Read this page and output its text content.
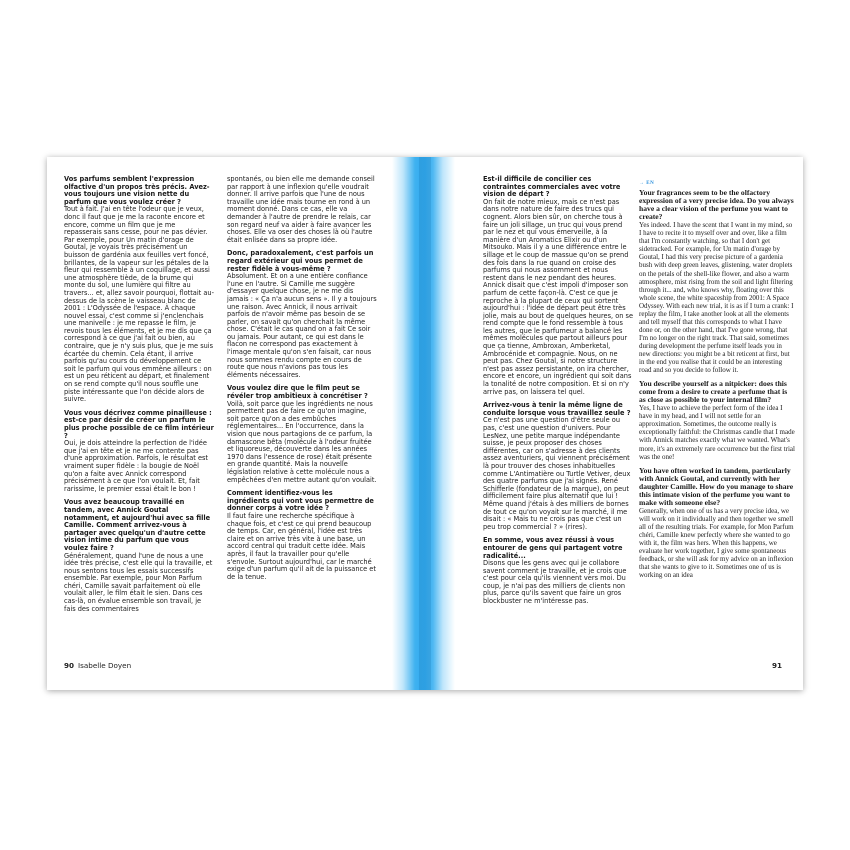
Vos parfums semblent l'expression olfactive d'un propos très précis. Avez-vous toujours une vision nette du parfum que vous voulez créer ?
Tout à fait. J'ai en tête l'odeur que je veux, donc il faut que je me la raconte encore et encore, comme un film que je me repasserais sans cesse, pour ne pas dévier. Par exemple, pour Un matin d'orage de Goutal, je voyais très précisément un buisson de gardénia aux feuilles vert foncé, brillantes, de la vapeur sur les pétales de la fleur qui ressemble à un coquillage, et aussi une atmosphère tiède, de la brume qui monte du sol, une lumière qui filtre au travers... et, allez savoir pourquoi, flottait au-dessus de la scène le vaisseau blanc de 2001 : L'Odyssée de l'espace. À chaque nouvel essai, c'est comme si j'enclenchais une manivelle : je me repasse le film, je revois tous les éléments, et je me dis que ça correspond à ce que j'ai fait ou bien, au contraire, que je n'y suis plus, que je me suis écartée du chemin. Cela étant, il arrive parfois qu'au cours du développement ce soit le parfum qui vous emmène ailleurs : on est un peu réticent au départ, et finalement on se rend compte qu'il nous souffle une piste intéressante que l'on décide alors de suivre.

Vous vous décrivez comme pinailleuse : est-ce par désir de créer un parfum le plus proche possible de ce film intérieur ?
Oui, je dois atteindre la perfection de l'idée que j'ai en tête et je ne me contente pas d'une approximation. Parfois, le résultat est vraiment super fidèle : la bougie de Noël qu'on a faite avec Annick correspond précisément à ce que l'on voulait. Et, fait rarissime, le premier essai était le bon !

Vous avez beaucoup travaillé en tandem, avec Annick Goutal notamment, et aujourd'hui avec sa fille Camille. Comment arrivez-vous à partager avec quelqu'un d'autre cette vision intime du parfum que vous voulez faire ?
Généralement, quand l'une de nous a une idée très précise, c'est elle qui la travaille, et nous sentons tous les essais successifs ensemble. Par exemple, pour Mon Parfum chéri, Camille savait parfaitement où elle voulait aller, le film était le sien. Dans ces cas-là, on évalue ensemble son travail, je fais des commentaires

spontanés, ou bien elle me demande conseil par rapport à une inflexion qu'elle voudrait donner. Il arrive parfois que l'une de nous travaille une idée mais tourne en rond à un moment donné. Dans ce cas, elle va demander à l'autre de prendre le relais, car son regard neuf va aider à faire avancer les choses. Elle va oser des choses là où l'autre était enlisée dans sa propre idée.

Donc, paradoxalement, c'est parfois un regard extérieur qui vous permet de rester fidèle à vous-même ?
Absolument. Et on a une entière confiance l'une en l'autre. Si Camille me suggère d'essayer quelque chose, je ne me dis jamais : « Ça n'a aucun sens ». Il y a toujours une raison. Avec Annick, il nous arrivait parfois de n'avoir même pas besoin de se parler, on savait qu'on cherchait la même chose. C'était le cas quand on a fait Ce soir ou jamais. Pour autant, ce qui est dans le flacon ne correspond pas exactement à l'image mentale qu'on s'en faisait, car nous nous sommes rendu compte en cours de route que nous n'avions pas tous les éléments nécessaires.

Vous voulez dire que le film peut se révéler trop ambitieux à concrétiser ?
Voilà, soit parce que les ingrédients ne nous permettent pas de faire ce qu'on imagine, soit parce qu'on a des embûches réglementaires... En l'occurrence, dans la vision que nous partagions de ce parfum, la damascone bêta (molécule à l'odeur fruitée et liquoreuse, découverte dans les années 1970 dans l'essence de rose) était présente en grande quantité. Mais la nouvelle législation relative à cette molécule nous a empêchées d'en mettre autant qu'on voulait.

Comment identifiez-vous les ingrédients qui vont vous permettre de donner corps à votre idée ?
Il faut faire une recherche spécifique à chaque fois, et c'est ce qui prend beaucoup de temps. Car, en général, l'idée est très claire et on arrive très vite à une base, un accord central qui traduit cette idée. Mais après, il faut la travailler pour qu'elle s'envole. Surtout aujourd'hui, car le marché exige d'un parfum qu'il ait de la puissance et de la tenue.

90 Isabelle Doyen

Est-il difficile de concilier ces contraintes commerciales avec votre vision de départ ?
On fait de notre mieux, mais ce n'est pas dans notre nature de faire des trucs qui cognent. Alors bien sûr, on cherche tous à faire un joli sillage, un truc qui vous prend par le nez et qui vous émerveille, à la manière d'un Aromatics Elixir ou d'un Mitsouko. Mais il y a une différence entre le sillage et le coup de massue qu'on se prend des fois dans la rue quand on croise des parfums qui nous assomment et nous restent dans le nez pendant des heures. Annick disait que c'est impoli d'imposer son parfum de cette façon-là. C'est ce que je reproche à la plupart de ceux qui sortent aujourd'hui : l'idée de départ peut être très jolie, mais au bout de quelques heures, on se rend compte que le fond ressemble à tous les autres, que le parfumeur a balancé les mêmes molécules que partout ailleurs pour que ça tienne, Ambroxan, Amberketal, Ambrocénide et compagnie. Nous, on ne peut pas. Chez Goutal, si notre structure n'est pas assez persistante, on ira chercher, encore et encore, un ingrédient qui soit dans la tonalité de notre composition. Et si on n'y arrive pas, on laissera tel quel.

Arrivez-vous à tenir la même ligne de conduite lorsque vous travaillez seule ?
Ce n'est pas une question d'être seule ou pas, c'est une question d'univers. Pour LesNez, une petite marque indépendante suisse, je peux proposer des choses différentes, car on s'adresse à des clients assez aventuriers, qui viennent précisément là pour trouver des choses inhabituelles comme L'Antimatière ou Turtle Vetiver, deux des quatre parfums que j'ai signés. René Schifferle (fondateur de la marque), on peut difficilement faire plus alternatif que lui ! Même quand j'étais à des milliers de bornes de tout ce qu'on voyait sur le marché, il me disait : « Mais tu ne crois pas que c'est un peu trop commercial ? » (rires).

En somme, vous avez réussi à vous entourer de gens qui partagent votre radicalité...
Disons que les gens avec qui je collabore savent comment je travaille, et je crois que c'est pour cela qu'ils viennent vers moi. Du coup, je n'ai pas des milliers de clients non plus, parce qu'ils savent que faire un gros blockbuster ne m'intéresse pas.

→ EN

Your fragrances seem to be the olfactory expression of a very precise idea. Do you always have a clear vision of the perfume you want to create?
Yes indeed. I have the scent that I want in my mind, so I have to recite it to myself over and over, like a film that I'm constantly watching, so that I don't get sidetracked. For example, for Un matin d'orage by Goutal, I had this very precise picture of a gardenia bush with deep green leaves, glistening, water droplets on the petals of the shell-like flower, and also a warm atmosphere, mist rising from the soil and light filtering through it... and, who knows why, floating over this whole scene, the white spaceship from 2001: A Space Odyssey. With each new trial, it is as if I turn a crank: I replay the film, I take another look at all the elements and tell myself that this corresponds to what I have done or, on the other hand, that I've gone wrong, that I'm no longer on the right track. That said, sometimes during development the perfume itself leads you in new directions: you might be a bit reticent at first, but in the end you realise that it could be an interesting road and so you decide to follow it.

You describe yourself as a nitpicker: does this come from a desire to create a perfume that is as close as possible to your internal film?
Yes, I have to achieve the perfect form of the idea I have in my head, and I will not settle for an approximation. Sometimes, the outcome really is exceptionally faithful: the Christmas candle that I made with Annick matches exactly what we wanted. What's more, it's an extremely rare occurrence but the first trial was the one!

You have often worked in tandem, particularly with Annick Goutal, and currently with her daughter Camille. How do you manage to share this intimate vision of the perfume you want to make with someone else?
Generally, when one of us has a very precise idea, we will work on it individually and then together we smell all of the resulting trials. For example, for Mon Parfum chéri, Camille knew perfectly where she wanted to go with it, the film was hers. When this happens, we evaluate her work together, I give some spontaneous feedback, or she will ask for my advice on an inflexion that she wants to give to it. Sometimes one of us is working on an idea

91
